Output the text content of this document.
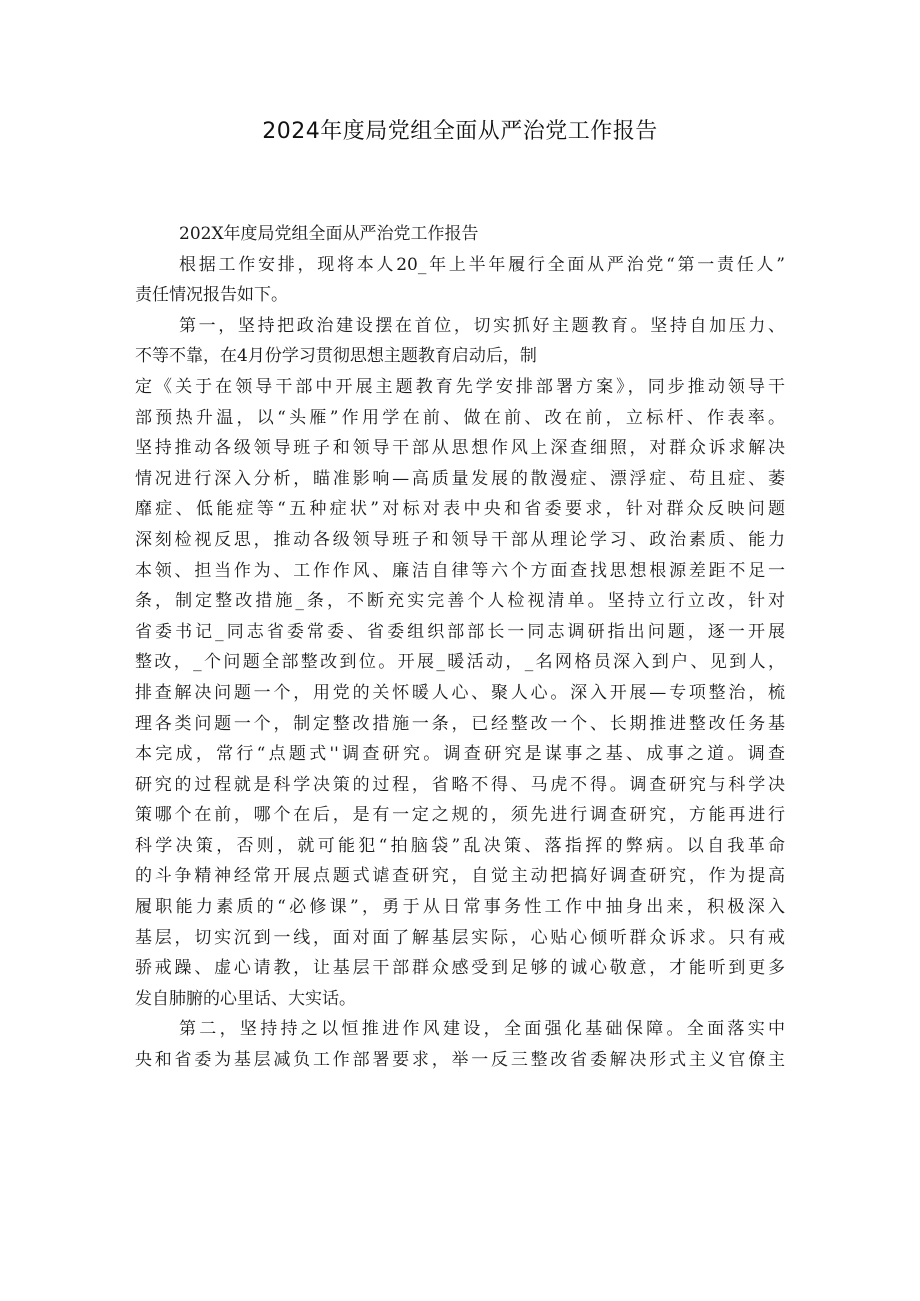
2024年度局党组全面从严治党工作报告
202X年度局党组全面从严治党工作报告
根据工作安排，现将本人20_年上半年履行全面从严治党“第一责任人”
责任情况报告如下。
第一，坚持把政治建设摆在首位，切实抓好主题教育。坚持自加压力、
不等不靠，在4月份学习贯彻思想主题教育启动后，制
定《关于在领导干部中开展主题教育先学安排部署方案》，同步推动领导干
部预热升温，以“头雁”作用学在前、做在前、改在前，立标杆、作表率。
坚持推动各级领导班子和领导干部从思想作风上深查细照，对群众诉求解决
情况进行深入分析，瞄准影响—高质量发展的散漫症、漂浮症、苟且症、萎
靡症、低能症等“五种症状”对标对表中央和省委要求，针对群众反映问题
深刻检视反思，推动各级领导班子和领导干部从理论学习、政治素质、能力
本领、担当作为、工作作风、廉洁自律等六个方面查找思想根源差距不足一
条，制定整改措施_条，不断充实完善个人检视清单。坚持立行立改，针对
省委书记_同志省委常委、省委组织部部长一同志调研指出问题，逐一开展
整改，_个问题全部整改到位。开展_暖活动，_名网格员深入到户、见到人，
排查解决问题一个，用党的关怀暖人心、聚人心。深入开展—专项整治，梳
理各类问题一个，制定整改措施一条，已经整改一个、长期推进整改任务基
本完成，常行“点题式''调查研究。调查研究是谋事之基、成事之道。调查
研究的过程就是科学决策的过程，省略不得、马虎不得。调查研究与科学决
策哪个在前，哪个在后，是有一定之规的，须先进行调查研究，方能再进行
科学决策，否则，就可能犯“拍脑袋”乱决策、落指挥的弊病。以自我革命
的斗争精神经常开展点题式谑查研究，自觉主动把搞好调查研究，作为提高
履职能力素质的“必修课”，勇于从日常事务性工作中抽身出来，积极深入
基层，切实沉到一线，面对面了解基层实际，心贴心倾听群众诉求。只有戒
骄戒躁、虚心请教，让基层干部群众感受到足够的诚心敬意，才能听到更多
发自肺腑的心里话、大实话。
第二，坚持持之以恒推进作风建设，全面强化基础保障。全面落实中
央和省委为基层减负工作部署要求，举一反三整改省委解决形式主义官僚主
